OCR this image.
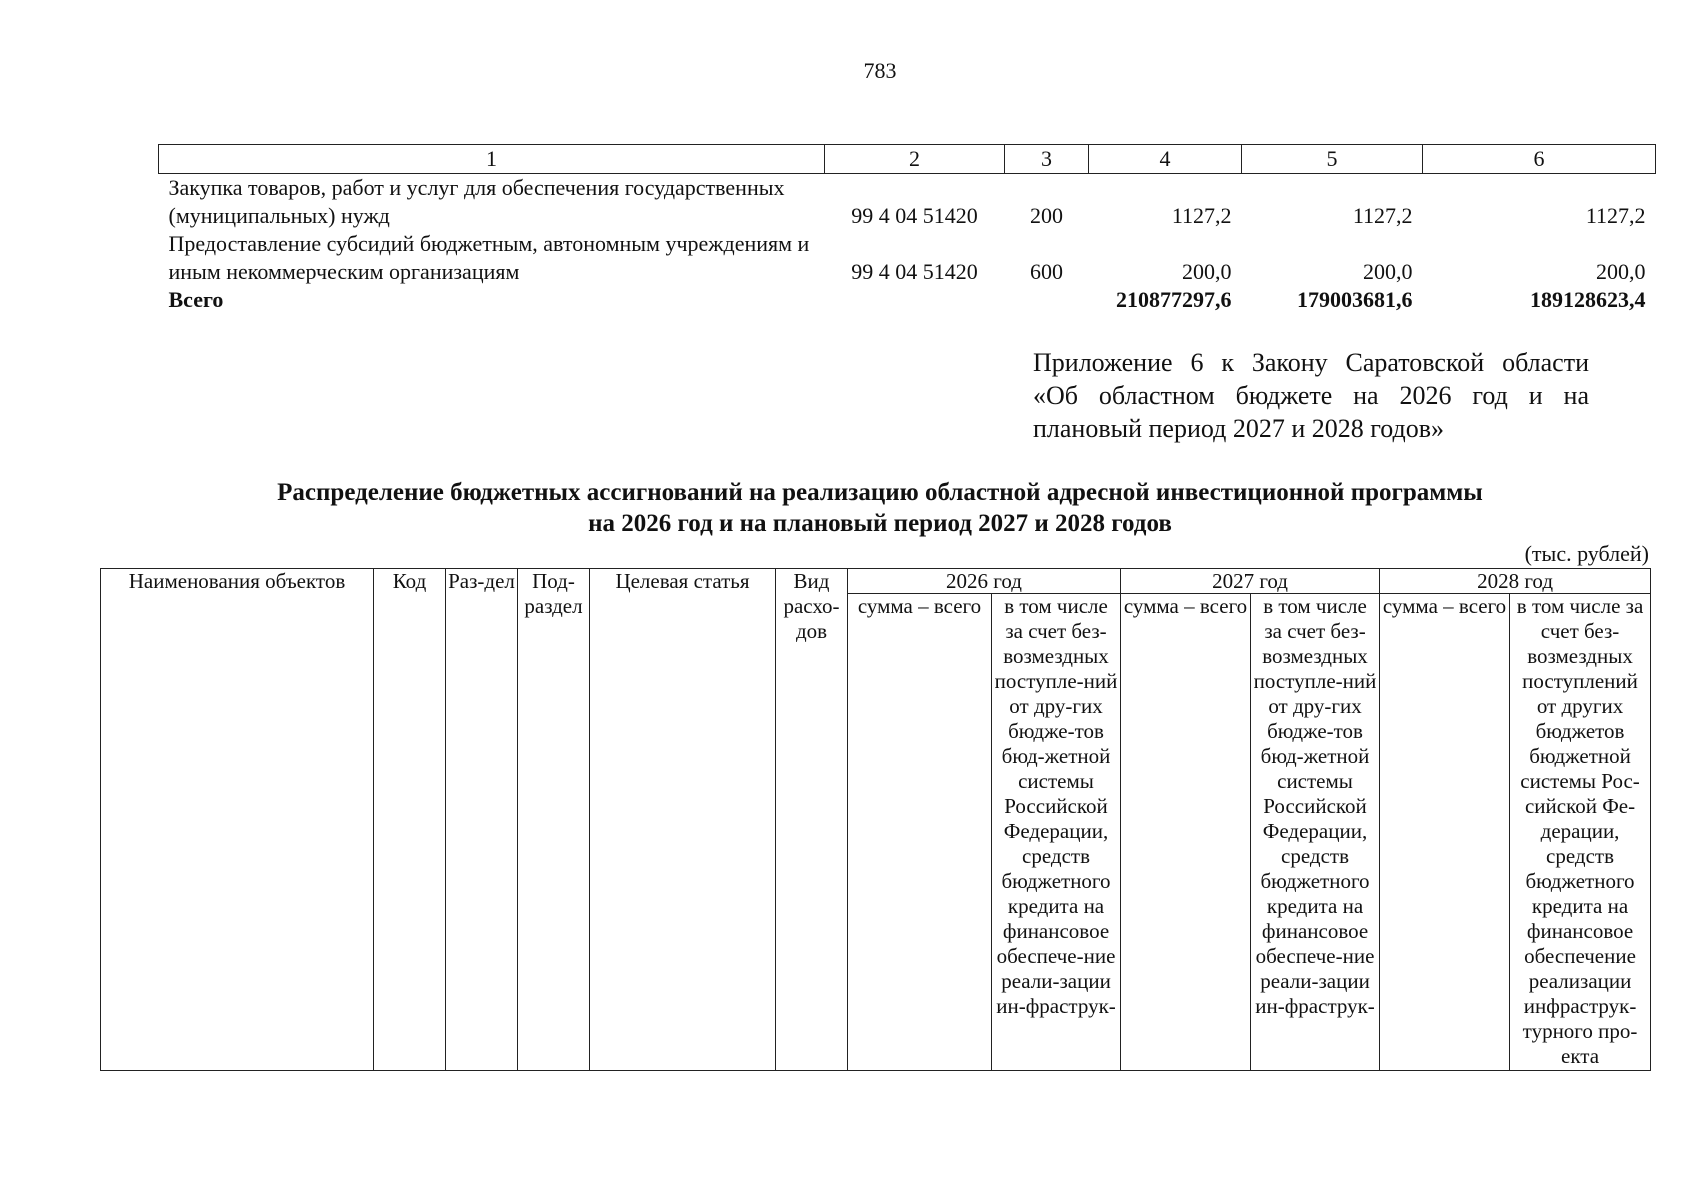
783
1	2	3	4	5	6
Закупка товаров, работ и услуг для обеспечения государственных (муниципальных) нужд	99 4 04 51420	200	1127,2	1127,2	1127,2
Предоставление субсидий бюджетным, автономным учреждениям и иным некоммерческим организациям	99 4 04 51420	600	200,0	200,0	200,0
Всего			210877297,6	179003681,6	189128623,4
Приложение 6 к Закону Саратовской области
«Об областном бюджете на 2026 год и на
плановый период 2027 и 2028 годов»
Распределение бюджетных ассигнований на реализацию областной адресной инвестиционной программы
на 2026 год и на плановый период 2027 и 2028 годов
(тыс. рублей)
Наименования объектов	Код	Раз-дел	Под-раздел	Целевая статья	Вид расхо-дов	2026 год		2027 год		2028 год	

						сумма – всего	в том числе за счет без-возмездных поступле-ний от дру-гих бюдже-тов бюд-жетной системы Российской Федерации, средств бюджетного кредита на финансовое обеспече-ние реали-зации ин-фраструк-	сумма – всего	в том числе за счет без-возмездных поступле-ний от дру-гих бюдже-тов бюд-жетной системы Российской Федерации, средств бюджетного кредита на финансовое обеспече-ние реали-зации ин-фраструк-	сумма – всего	в том числе за счет без-возмездных поступлений от других бюджетов бюджетной системы Рос-сийской Фе-дерации, средств бюджетного кредита на финансовое обеспечение реализации инфраструк-турного про-екта
